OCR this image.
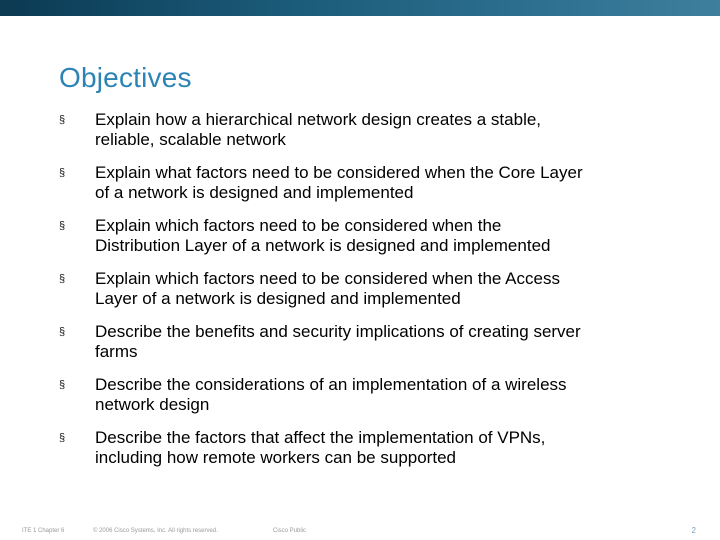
Objectives
§ Explain how a hierarchical network design creates a stable,
reliable, scalable network
§ Explain what factors need to be considered when the Core Layer
of a network is designed and implemented
§ Explain which factors need to be considered when the
Distribution Layer of a network is designed and implemented
§ Explain which factors need to be considered when the Access
Layer of a network is designed and implemented
§ Describe the benefits and security implications of creating server
farms
§ Describe the considerations of an implementation of a wireless
network design
§ Describe the factors that affect the implementation of VPNs,
including how remote workers can be supported
ITE 1 Chapter 6	© 2006 Cisco Systems, Inc. All rights reserved.	Cisco Public	2
